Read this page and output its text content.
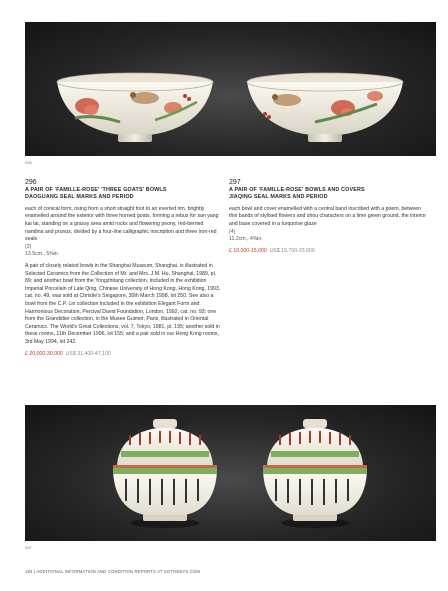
296
296
A PAIR OF 'FAMILLE-ROSE' 'THREE GOATS' BOWLS
DAOGUANG SEAL MARKS AND PERIOD
each of conical form, rising from a short straight foot to an everted rim, brightly enamelled around the exterior with three horned goats, forming a rebus for san yang kai tai, standing on a grassy area amid rocks and flowering peony, red-berried nandina and prunus, divided by a four-line calligraphic inscription and three iron-red seals
(2)
13.5cm., 5⅜in.
A pair of closely related bowls in the Shanghai Museum, Shanghai, is illustrated in Selected Ceramics from the Collection of Mr. and Mrs. J.M. Hu, Shanghai, 1989, pl. 89; and another bowl from the Yongzhitang collection, included in the exhibition Imperial Porcelain of Late Qing, Chinese University of Hong Kong, Hong Kong, 1993, cat. no. 49, was sold at Christie's Singapore, 30th March 1998, lot 250. See also a bowl from the C.P. Lin collection included in the exhibition Elegant Form and Harmonious Decoration, Percival David Foundation, London, 1992, cat. no. 93; one from the Grandidier collection, in the Musee Guimet, Paris, illustrated in Oriental Ceramics. The World's Great Collections, vol. 7, Tokyo, 1981, pl. 195; another sold in these rooms, 11th December 1996, lot 155; and a pair sold in our Hong Kong rooms, 3rd May 1994, lot 242.
£ 20,000-30,000 US$ 31,400-47,100
297
A PAIR OF 'FAMILLE-ROSE' BOWLS AND COVERS
JIAQING SEAL MARKS AND PERIOD
each bowl and cover enamelled with a central band inscribed with a poem, between thin bands of stylised flowers and shou characters on a lime green ground, the interior and base covered in a turquoise glaze
(4)
11.2cm., 4⅜in.
£ 10,000-15,000 US$ 15,700-23,600
297
184 | ADDITIONAL INFORMATION AND CONDITION REPORTS AT SOTHEBYS.COM
